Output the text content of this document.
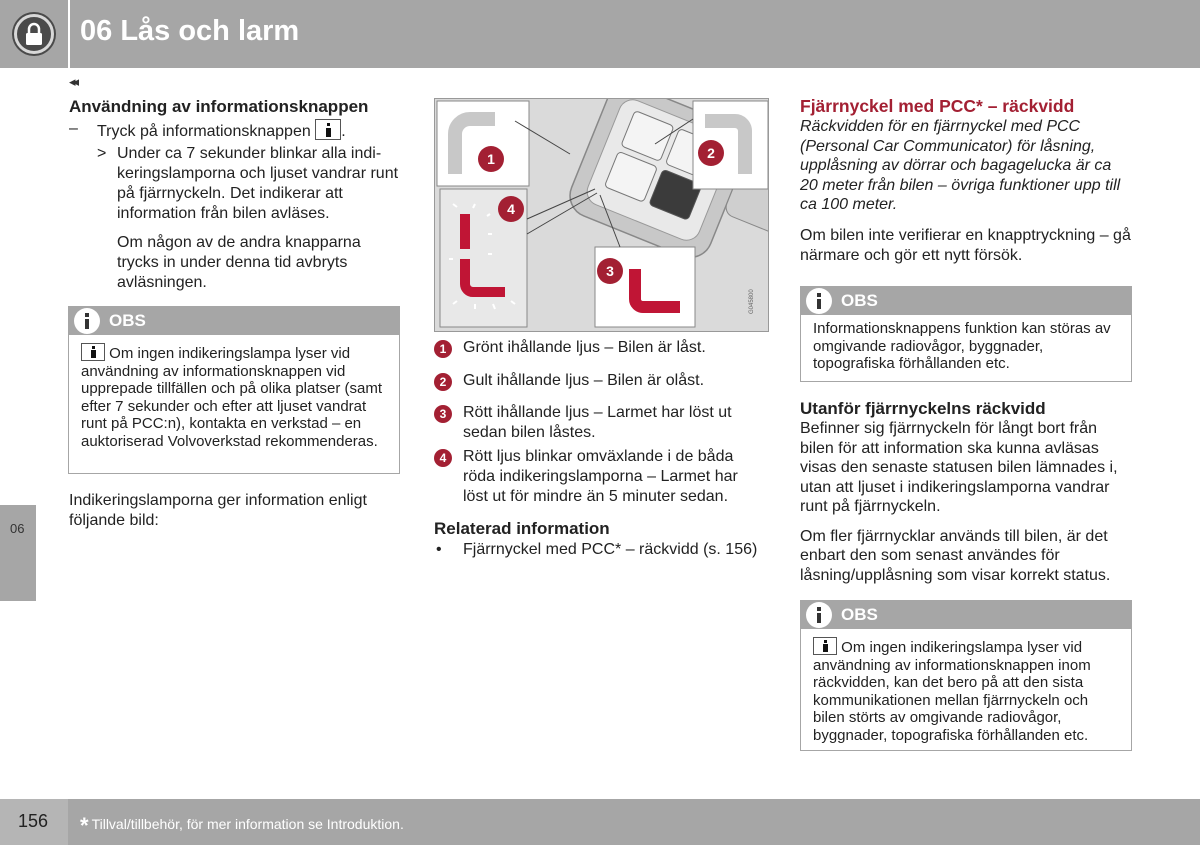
06 Lås och larm
◂◂
06
Användning av informationsknappen
– Tryck på informationsknappen .
> Under ca 7 sekunder blinkar alla indikeringslamporna och ljuset vandrar runt på fjärrnyckeln. Det indikerar att information från bilen avläses.

Om någon av de andra knapparna trycks in under denna tid avbryts avläsningen.

OBS
Om ingen indikeringslampa lyser vid användning av informationsknappen vid upprepade tillfällen och på olika platser (samt efter 7 sekunder och efter att ljuset vandrat runt på PCC:n), kontakta en verkstad – en auktoriserad Volvoverkstad rekommenderas.
Indikeringslamporna ger information enligt följande bild:
1	2
3
4
G045800
1	Grönt ihållande ljus – Bilen är låst.
2	Gult ihållande ljus – Bilen är olåst.
3	Rött ihållande ljus – Larmet har löst ut sedan bilen låstes.
4	Rött ljus blinkar omväxlande i de båda röda indikeringslamporna – Larmet har löst ut för mindre än 5 minuter sedan.
Relaterad information
• Fjärrnyckel med PCC* – räckvidd (s. 156)
Fjärrnyckel med PCC* – räckvidd

Räckvidden för en fjärrnyckel med PCC (Personal Car Communicator) för låsning, upplåsning av dörrar och bagagelucka är ca 20 meter från bilen – övriga funktioner upp till ca 100 meter.

Om bilen inte verifierar en knapptryckning – gå närmare och gör ett nytt försök.

OBS
Informationsknappens funktion kan störas av omgivande radiovågor, byggnader, topografiska förhållanden etc.
Utanför fjärrnyckelns räckvidd

Befinner sig fjärrnyckeln för långt bort från bilen för att information ska kunna avläsas visas den senaste statusen bilen lämnades i, utan att ljuset i indikeringslamporna vandrar runt på fjärrnyckeln.

Om fler fjärrnycklar används till bilen, är det enbart den som senast användes för låsning/upplåsning som visar korrekt status.

OBS
Om ingen indikeringslampa lyser vid användning av informationsknappen inom räckvidden, kan det bero på att den sista kommunikationen mellan fjärrnyckeln och bilen störts av omgivande radiovågor, byggnader, topografiska förhållanden etc.
156 * Tillval/tillbehör, för mer information se Introduktion.
